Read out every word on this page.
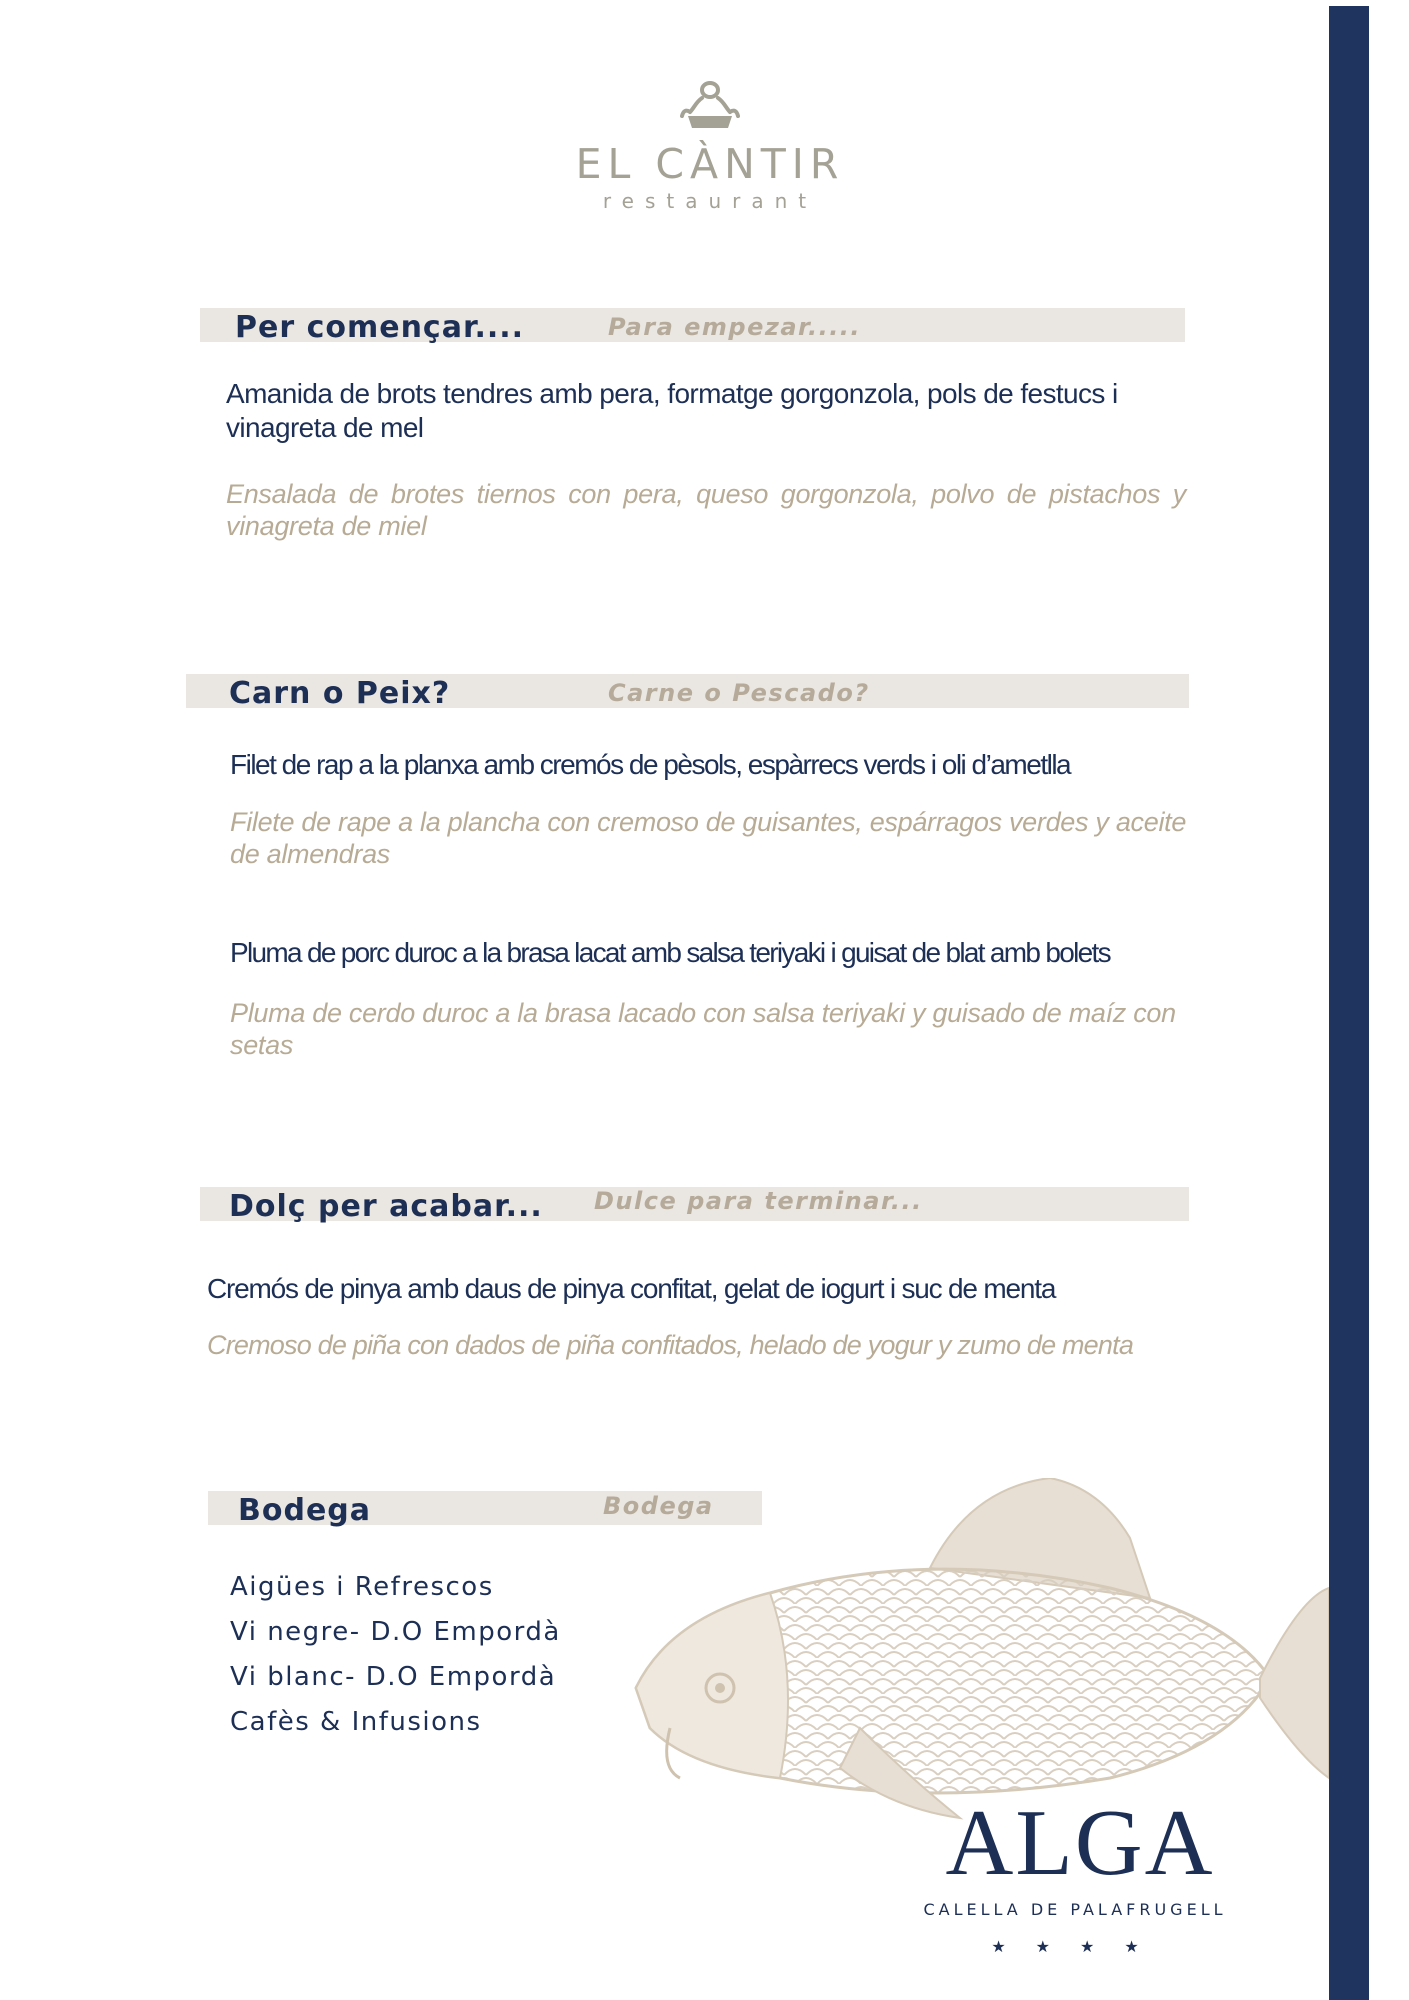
EL CÀNTIR
restaurant
Per començar....	Para empezar.....
Amanida de brots tendres amb pera, formatge gorgonzola, pols de festucs i vinagreta de mel
Ensalada de brotes tiernos con pera, queso gorgonzola, polvo de pistachos y vinagreta de miel
Carn o Peix?	Carne o Pescado?
Filet de rap a la planxa amb cremós de pèsols, espàrrecs verds i oli d’ametlla
Filete de rape a la plancha con cremoso de guisantes, espárragos verdes y aceite de almendras
Pluma de porc duroc a la brasa lacat amb salsa teriyaki i guisat de blat amb bolets
Pluma de cerdo duroc a la brasa lacado con salsa teriyaki y guisado de maíz con setas
Dolç per acabar... Dulce para terminar...
Cremós de pinya amb daus de pinya confitat, gelat de iogurt i suc de menta
Cremoso de piña con dados de piña confitados, helado de yogur y zumo de menta
Bodega	Bodega
Aigües i Refrescos
Vi negre- D.O Empordà
Vi blanc- D.O Empordà
Cafès & Infusions
ALGA
CALELLA DE PALAFRUGELL
★★★★
